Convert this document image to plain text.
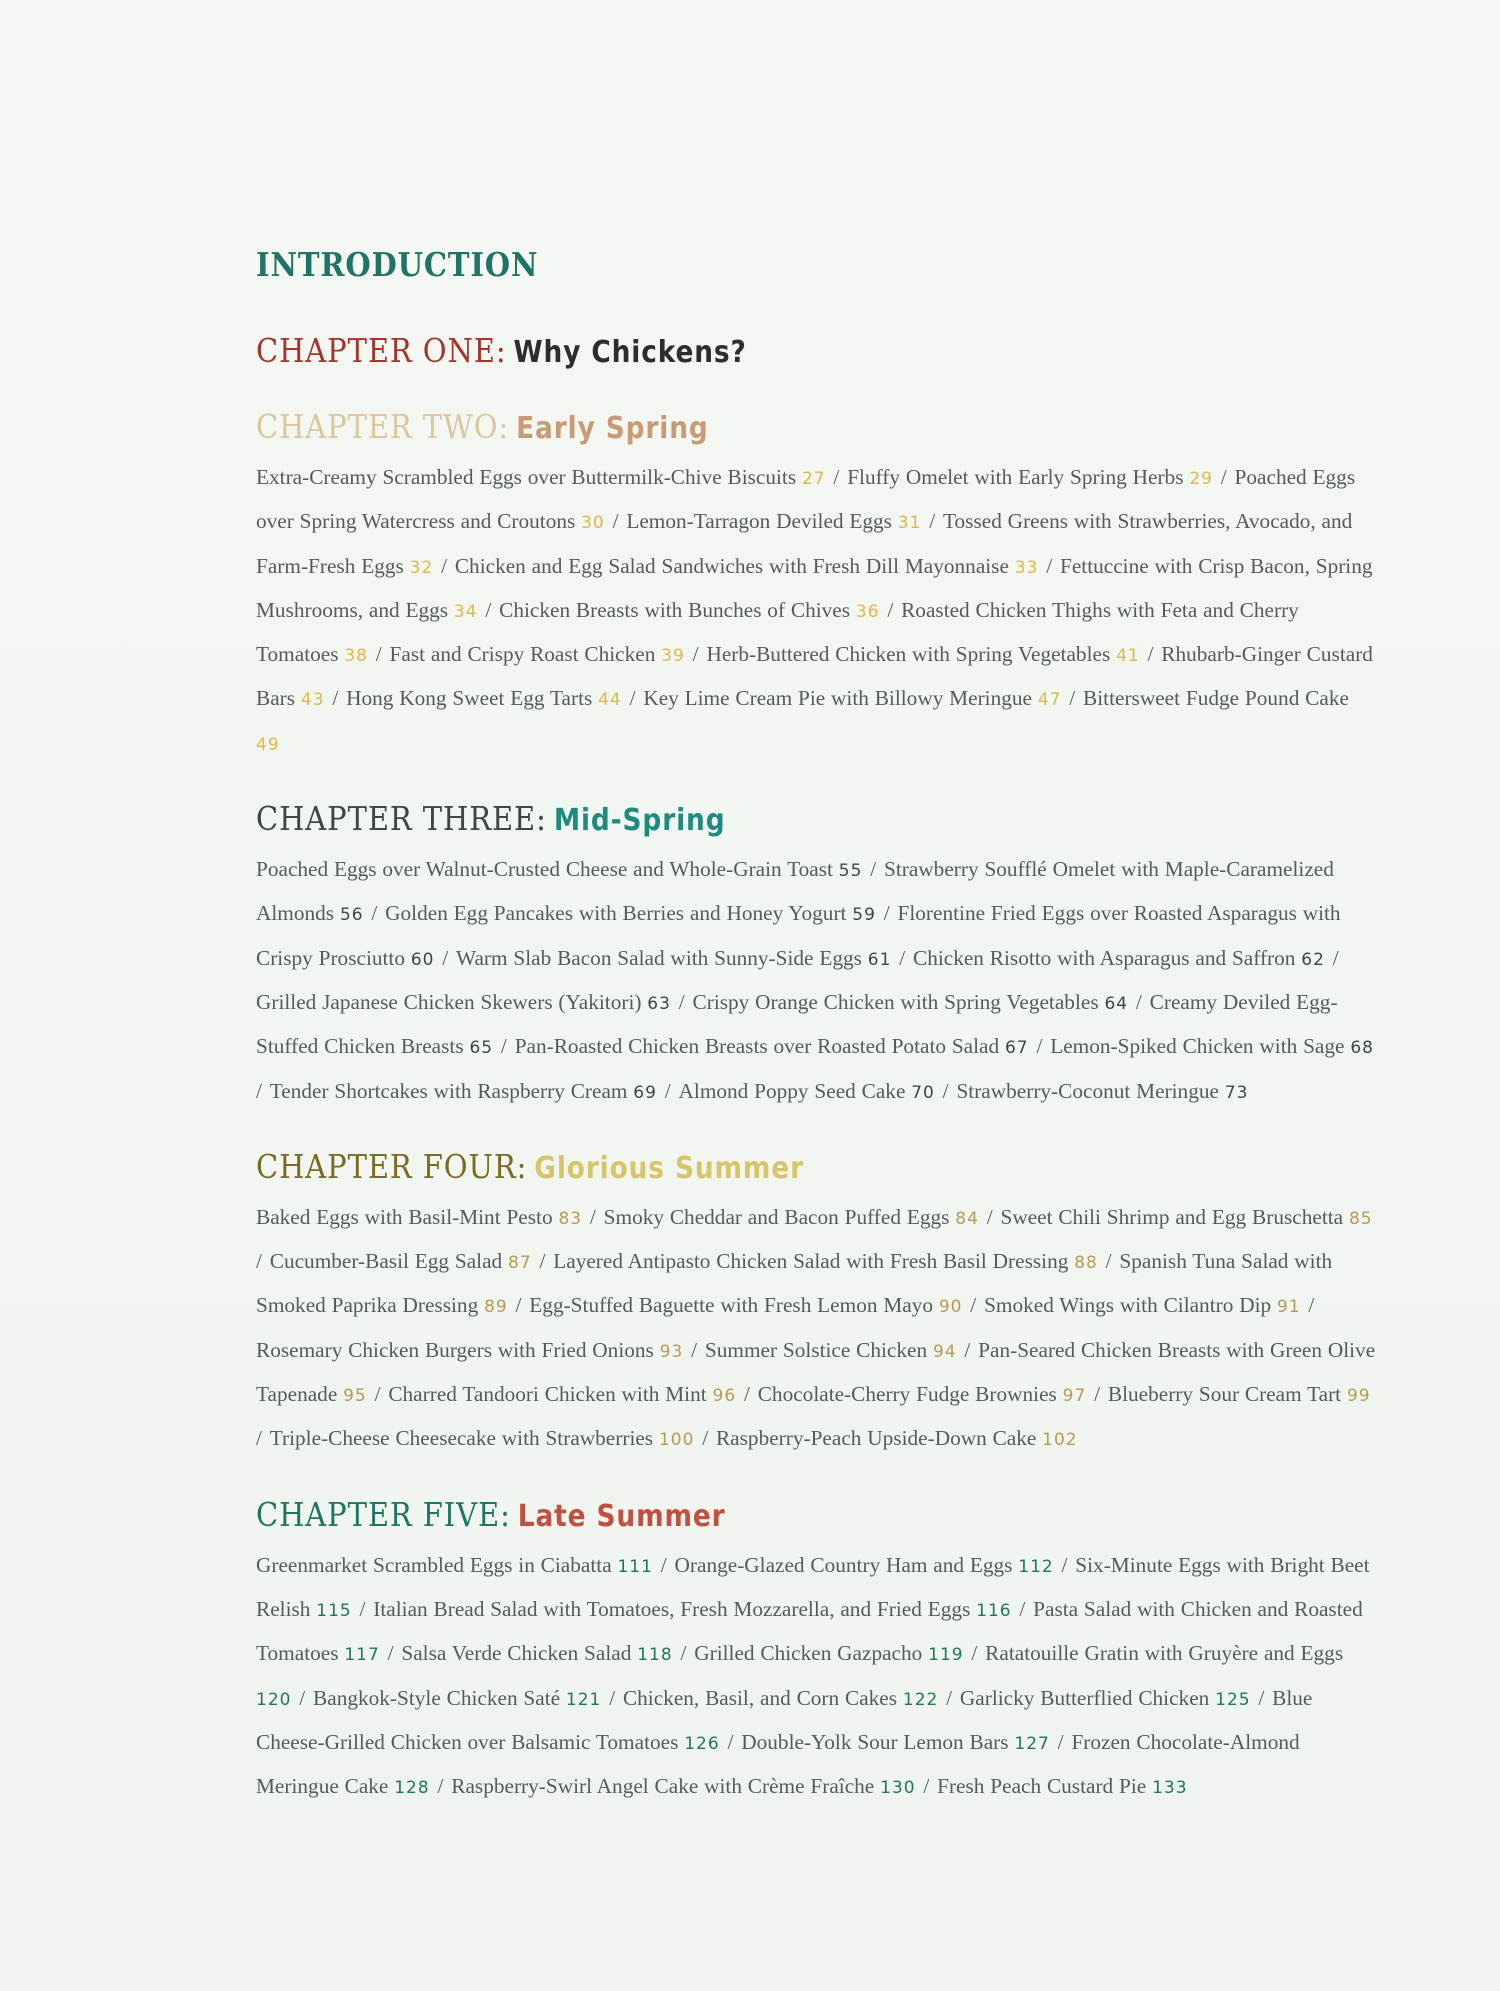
INTRODUCTION
CHAPTER ONE: Why Chickens?
CHAPTER TWO: Early Spring
Extra-Creamy Scrambled Eggs over Buttermilk-Chive Biscuits 27 / Fluffy Omelet with Early Spring Herbs 29 / Poached Eggs over Spring Watercress and Croutons 30 / Lemon-Tarragon Deviled Eggs 31 / Tossed Greens with Strawberries, Avocado, and Farm-Fresh Eggs 32 / Chicken and Egg Salad Sandwiches with Fresh Dill Mayonnaise 33 / Fettuccine with Crisp Bacon, Spring Mushrooms, and Eggs 34 / Chicken Breasts with Bunches of Chives 36 / Roasted Chicken Thighs with Feta and Cherry Tomatoes 38 / Fast and Crispy Roast Chicken 39 / Herb-Buttered Chicken with Spring Vegetables 41 / Rhubarb-Ginger Custard Bars 43 / Hong Kong Sweet Egg Tarts 44 / Key Lime Cream Pie with Billowy Meringue 47 / Bittersweet Fudge Pound Cake 49
CHAPTER THREE: Mid-Spring
Poached Eggs over Walnut-Crusted Cheese and Whole-Grain Toast 55 / Strawberry Soufflé Omelet with Maple-Caramelized Almonds 56 / Golden Egg Pancakes with Berries and Honey Yogurt 59 / Florentine Fried Eggs over Roasted Asparagus with Crispy Prosciutto 60 / Warm Slab Bacon Salad with Sunny-Side Eggs 61 / Chicken Risotto with Asparagus and Saffron 62 / Grilled Japanese Chicken Skewers (Yakitori) 63 / Crispy Orange Chicken with Spring Vegetables 64 / Creamy Deviled Egg-Stuffed Chicken Breasts 65 / Pan-Roasted Chicken Breasts over Roasted Potato Salad 67 / Lemon-Spiked Chicken with Sage 68 / Tender Shortcakes with Raspberry Cream 69 / Almond Poppy Seed Cake 70 / Strawberry-Coconut Meringue 73
CHAPTER FOUR: Glorious Summer
Baked Eggs with Basil-Mint Pesto 83 / Smoky Cheddar and Bacon Puffed Eggs 84 / Sweet Chili Shrimp and Egg Bruschetta 85 / Cucumber-Basil Egg Salad 87 / Layered Antipasto Chicken Salad with Fresh Basil Dressing 88 / Spanish Tuna Salad with Smoked Paprika Dressing 89 / Egg-Stuffed Baguette with Fresh Lemon Mayo 90 / Smoked Wings with Cilantro Dip 91 / Rosemary Chicken Burgers with Fried Onions 93 / Summer Solstice Chicken 94 / Pan-Seared Chicken Breasts with Green Olive Tapenade 95 / Charred Tandoori Chicken with Mint 96 / Chocolate-Cherry Fudge Brownies 97 / Blueberry Sour Cream Tart 99 / Triple-Cheese Cheesecake with Strawberries 100 / Raspberry-Peach Upside-Down Cake 102
CHAPTER FIVE: Late Summer
Greenmarket Scrambled Eggs in Ciabatta 111 / Orange-Glazed Country Ham and Eggs 112 / Six-Minute Eggs with Bright Beet Relish 115 / Italian Bread Salad with Tomatoes, Fresh Mozzarella, and Fried Eggs 116 / Pasta Salad with Chicken and Roasted Tomatoes 117 / Salsa Verde Chicken Salad 118 / Grilled Chicken Gazpacho 119 / Ratatouille Gratin with Gruyère and Eggs 120 / Bangkok-Style Chicken Saté 121 / Chicken, Basil, and Corn Cakes 122 / Garlicky Butterflied Chicken 125 / Blue Cheese-Grilled Chicken over Balsamic Tomatoes 126 / Double-Yolk Sour Lemon Bars 127 / Frozen Chocolate-Almond Meringue Cake 128 / Raspberry-Swirl Angel Cake with Crème Fraîche 130 / Fresh Peach Custard Pie 133
